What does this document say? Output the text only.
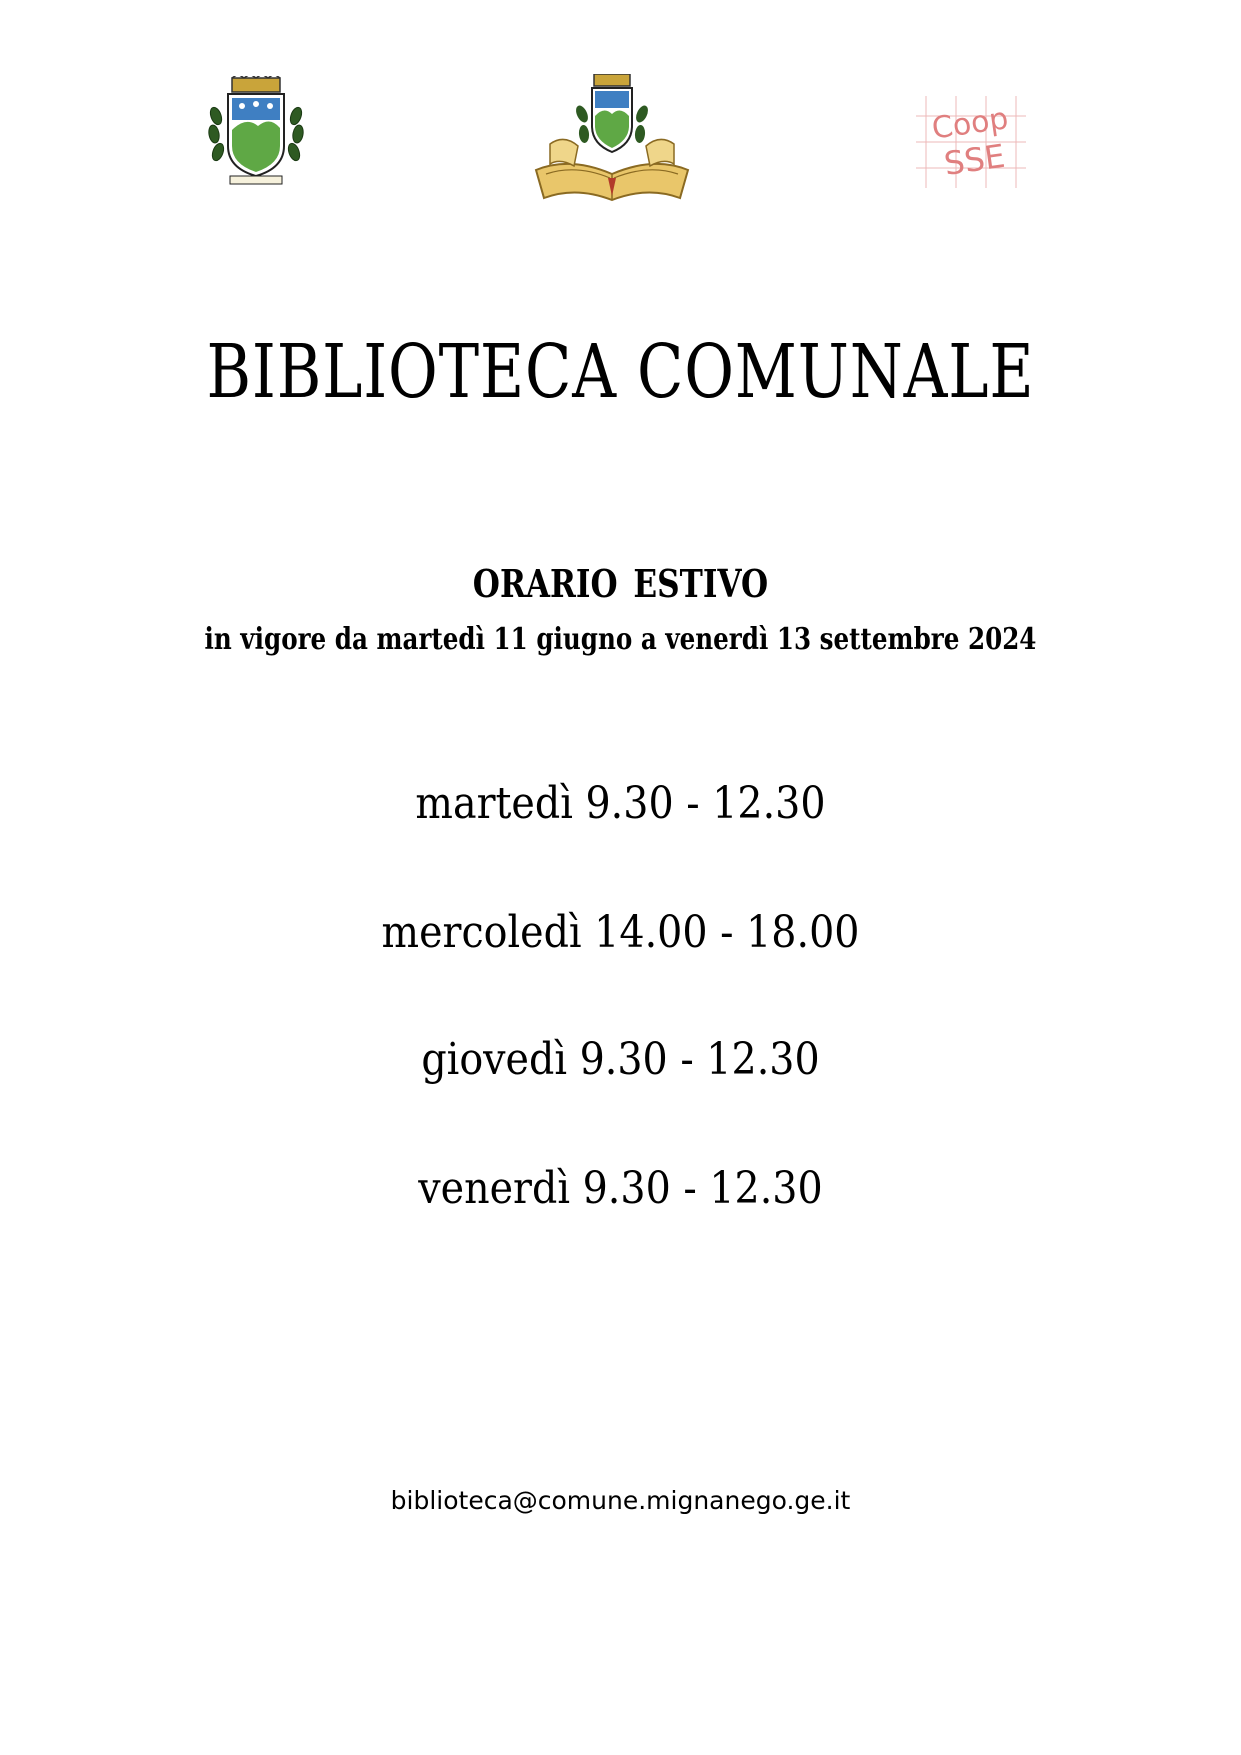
Coop
SSE
BIBLIOTECA COMUNALE
ORARIO ESTIVO
in vigore da martedì 11 giugno a venerdì 13 settembre 2024
martedì 9.30 - 12.30
mercoledì 14.00 - 18.00
giovedì 9.30 - 12.30
venerdì 9.30 - 12.30
biblioteca@comune.mignanego.ge.it
